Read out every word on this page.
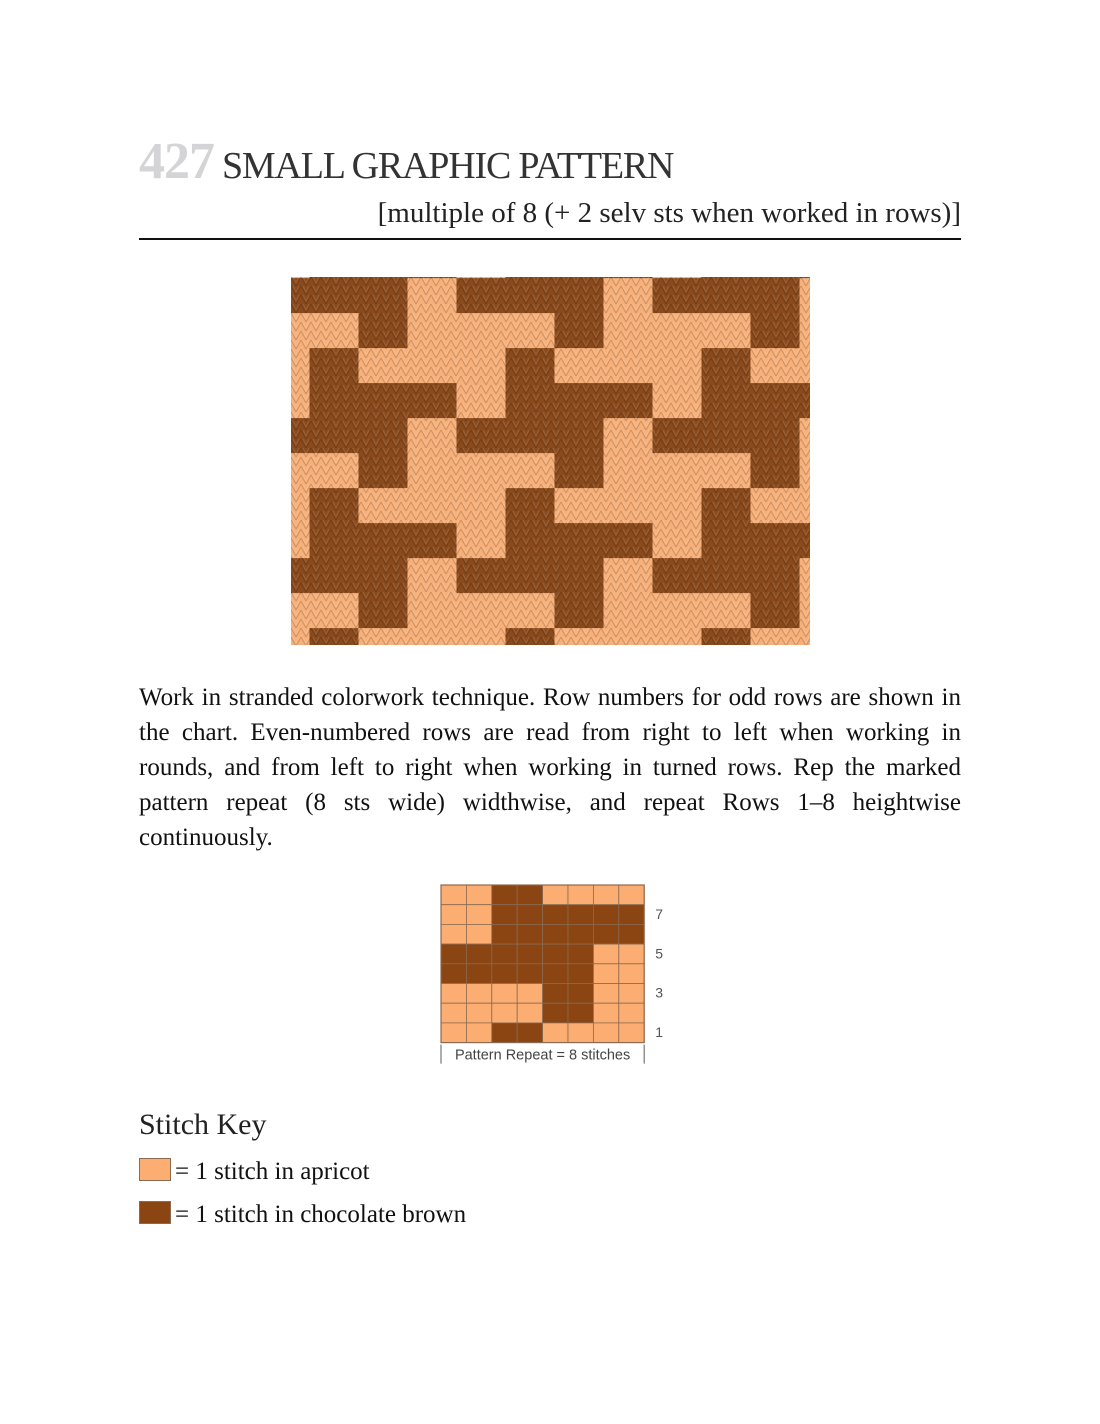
427 SMALL GRAPHIC PATTERN
[multiple of 8 (+ 2 selv sts when worked in rows)]

Work in stranded colorwork technique. Row numbers for odd rows are shown in the chart. Even-numbered rows are read from right to left when working in rounds, and from left to right when working in turned rows. Rep the marked pattern repeat (8 sts wide) widthwise, and repeat Rows 1–8 heightwise continuously.

7
5
3
1
Pattern Repeat = 8 stitches
Stitch Key
= 1 stitch in apricot
= 1 stitch in chocolate brown
